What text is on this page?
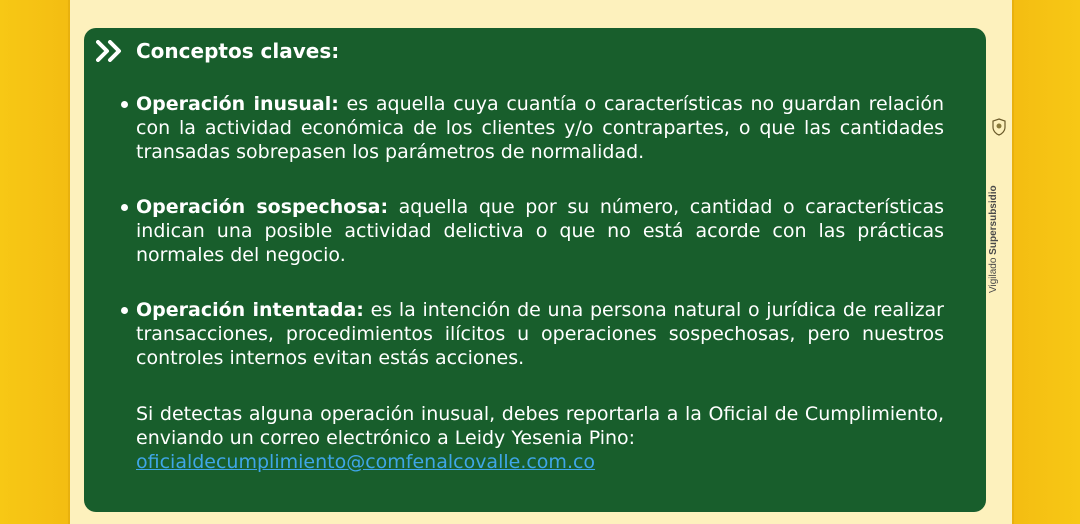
Conceptos claves:
Operación inusual: es aquella cuya cuantía o características no guardan relación con la actividad económica de los clientes y/o contrapartes, o que las cantidades transadas sobrepasen los parámetros de normalidad.
Operación sospechosa: aquella que por su número, cantidad o características indican una posible actividad delictiva o que no está acorde con las prácticas normales del negocio.
Operación intentada: es la intención de una persona natural o jurídica de realizar transacciones, procedimientos ilícitos u operaciones sospechosas, pero nuestros controles internos evitan estás acciones.
Si detectas alguna operación inusual, debes reportarla a la Oficial de Cumplimiento, enviando un correo electrónico a Leidy Yesenia Pino:
oficialdecumplimiento@comfenalcovalle.com.co
Vigilado Supersubsidio
